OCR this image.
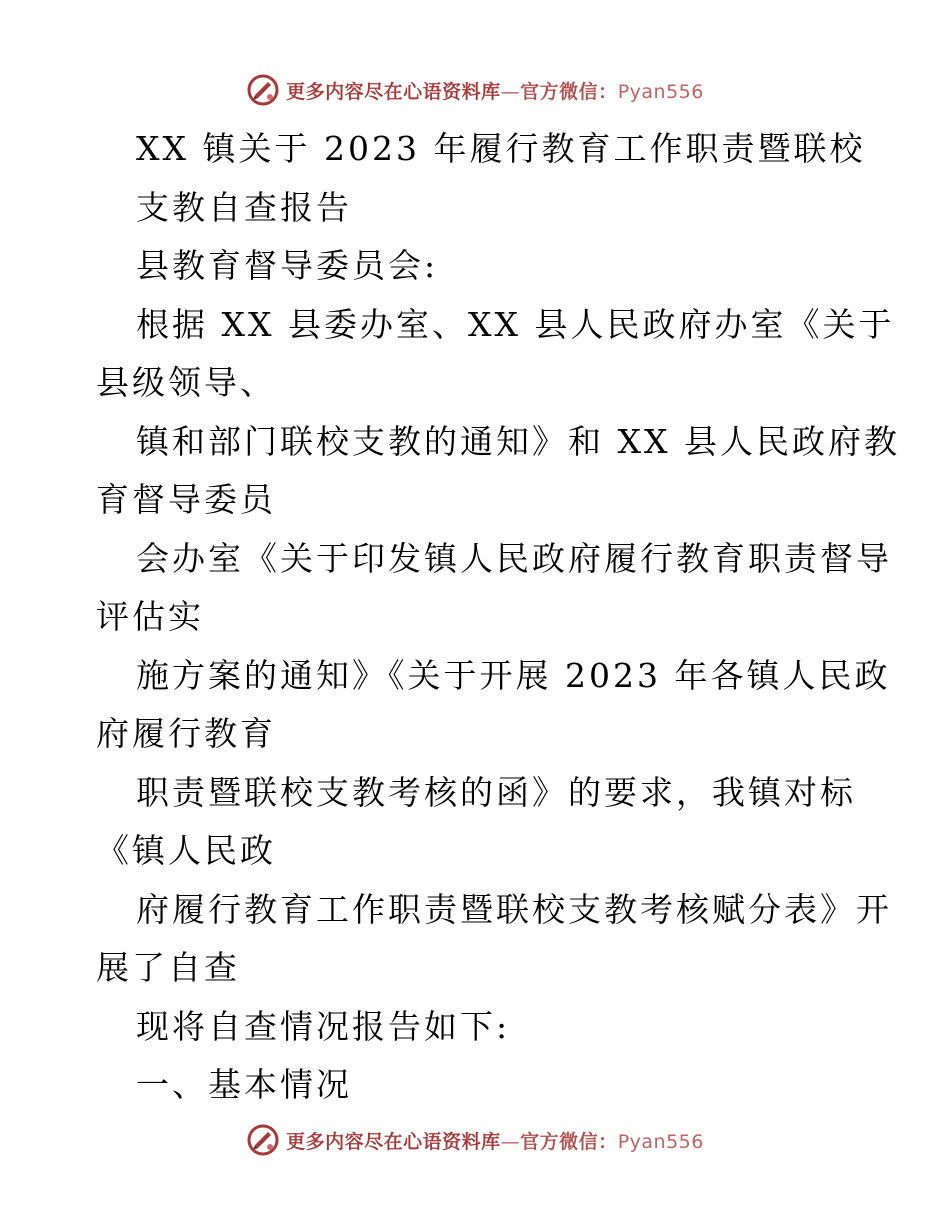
更多内容尽在心语资料库—官方微信：Pyan556
XX 镇关于 2023 年履行教育工作职责暨联校
支教自查报告
县教育督导委员会:
根据 XX 县委办室、XX 县人民政府办室《关于
县级领导、
镇和部门联校支教的通知》和 XX 县人民政府教
育督导委员
会办室《关于印发镇人民政府履行教育职责督导
评估实
施方案的通知》《关于开展 2023 年各镇人民政
府履行教育
职责暨联校支教考核的函》的要求，我镇对标
《镇人民政
府履行教育工作职责暨联校支教考核赋分表》开
展了自查
现将自查情况报告如下:
一、基本情况
更多内容尽在心语资料库—官方微信：Pyan556
